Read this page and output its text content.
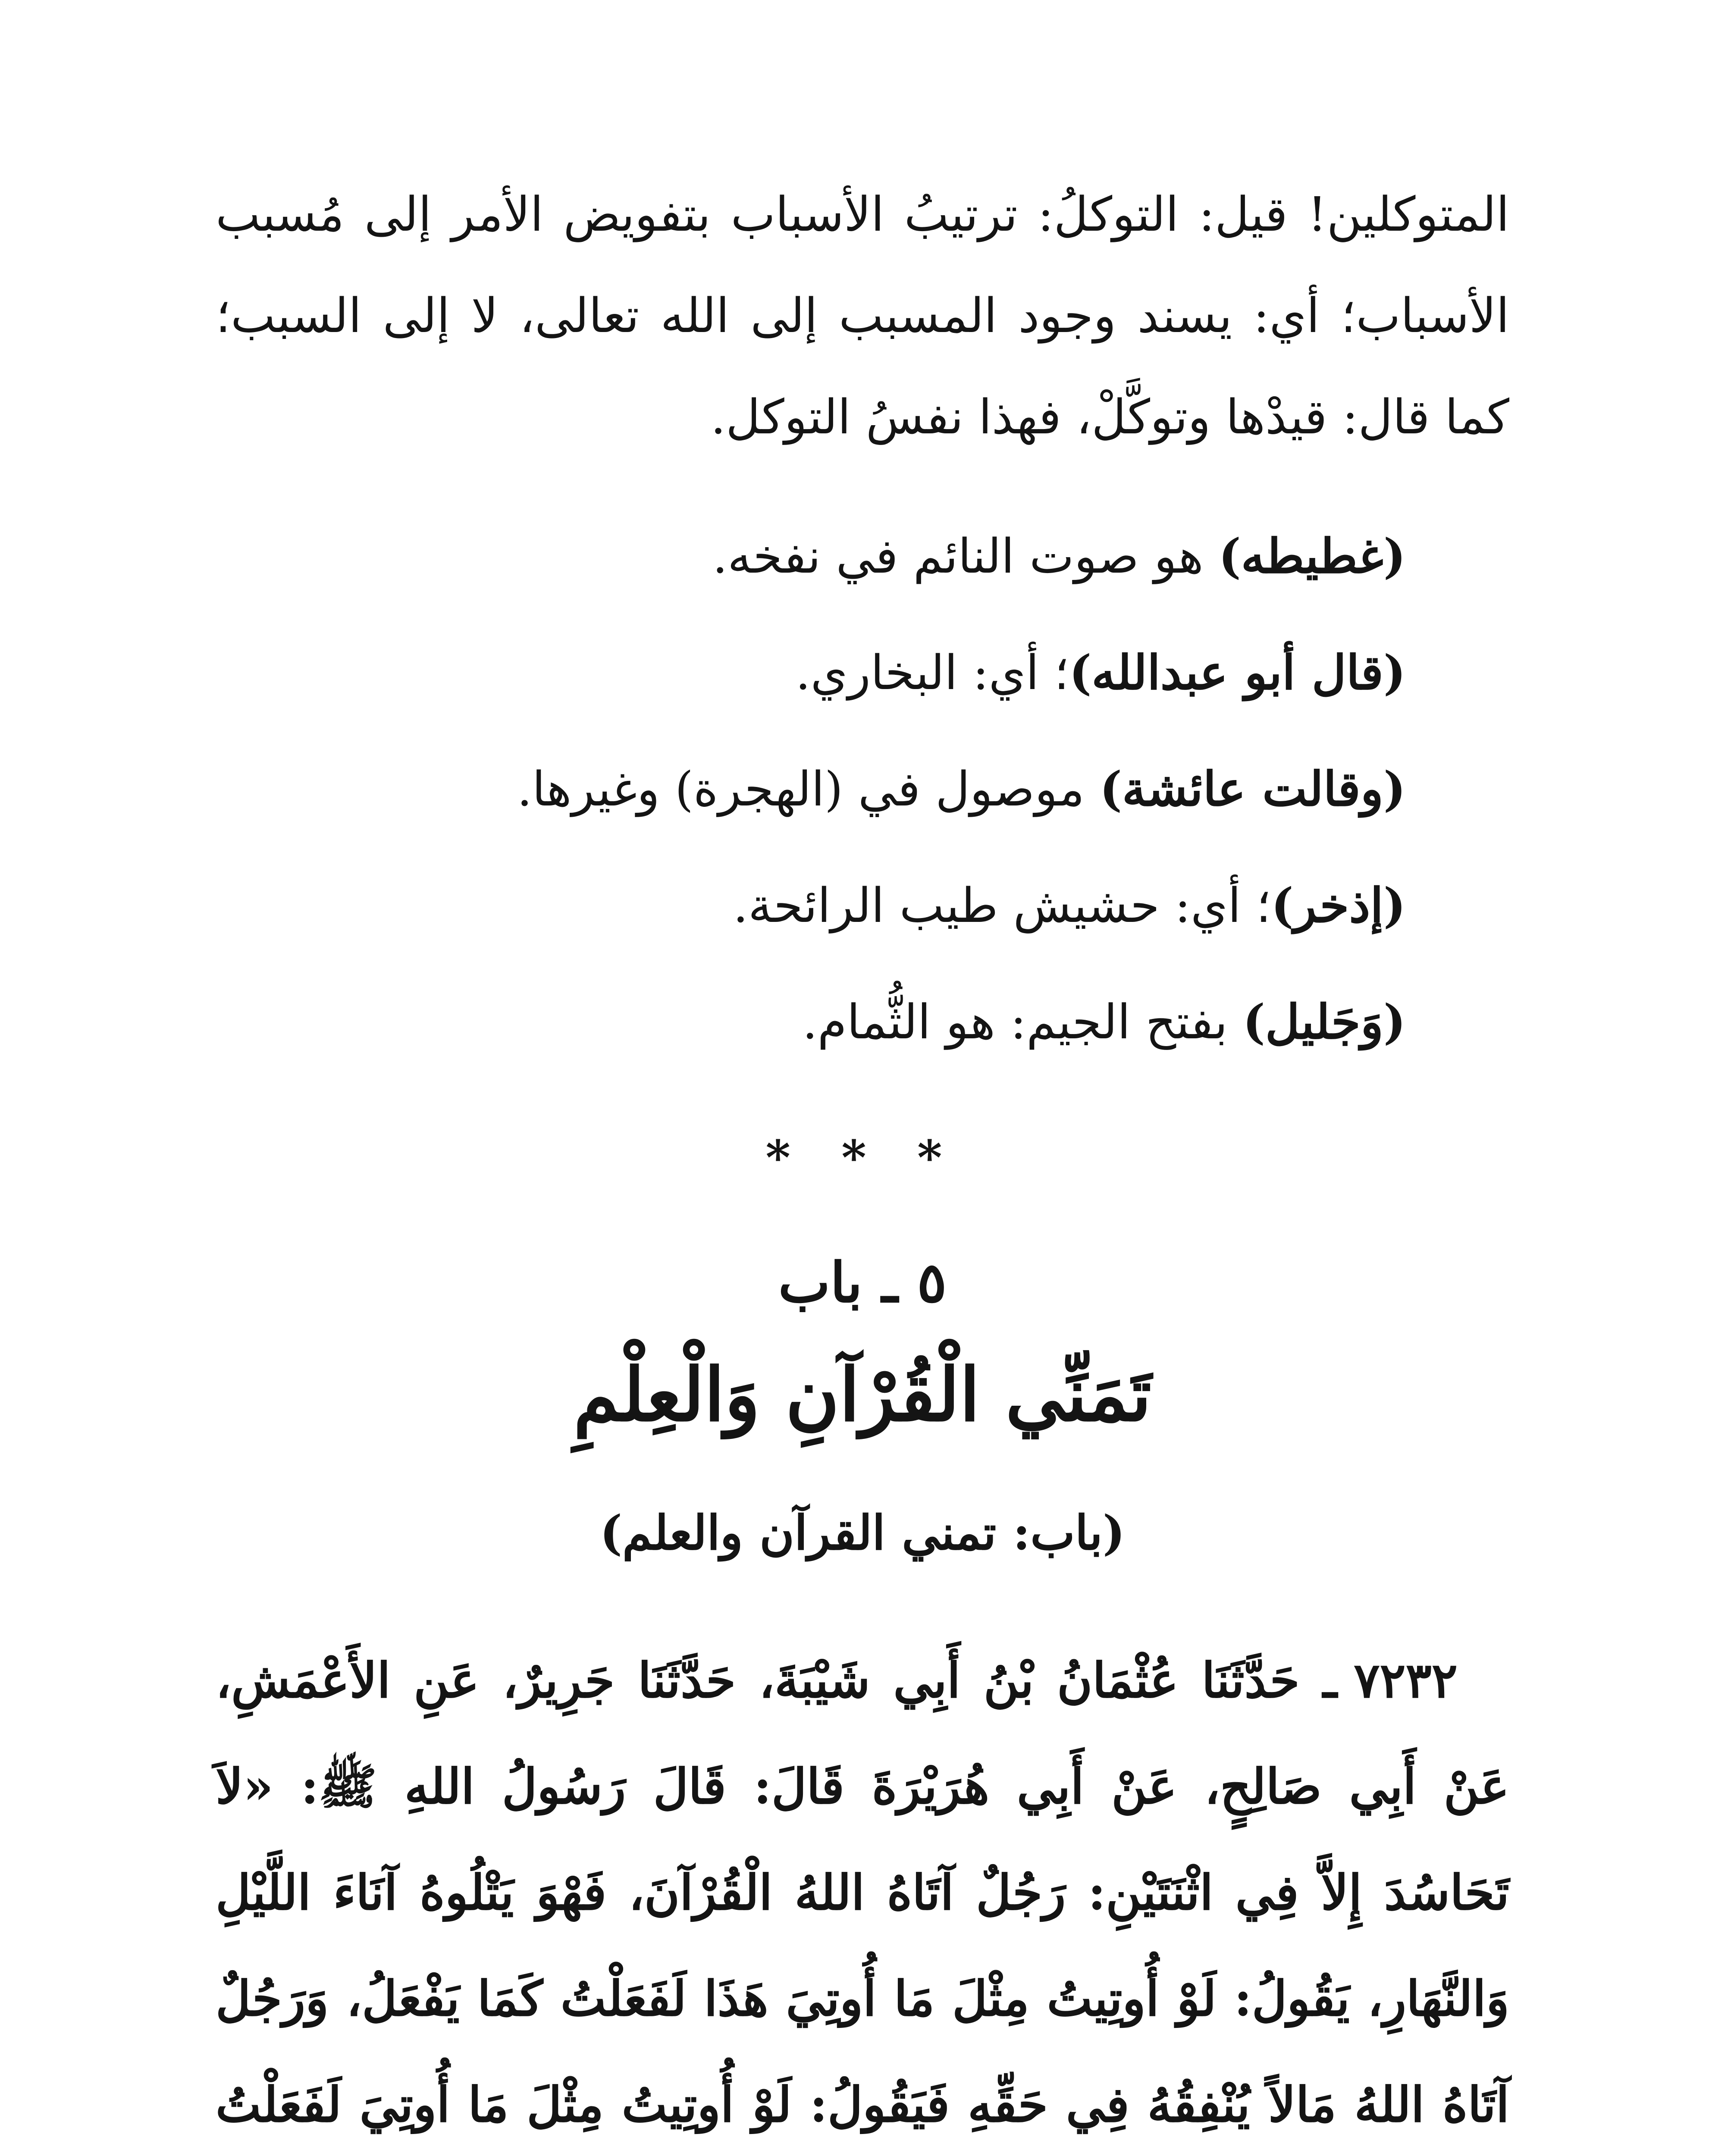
المتوكلين! قيل: التوكلُ: ترتيبُ الأسباب بتفويض الأمر إلى مُسبب الأسباب؛ أي: يسند وجود المسبب إلى الله تعالى، لا إلى السبب؛ كما قال: قيدْها وتوكَّلْ، فهذا نفسُ التوكل.

(غطيطه) هو صوت النائم في نفخه.

(قال أبو عبدالله)؛ أي: البخاري.

(وقالت عائشة) موصول في (الهجرة) وغيرها.

(إذخر)؛ أي: حشيش طيب الرائحة.

(وَجَليل) بفتح الجيم: هو الثُّمام.

* * *
٥ ـ باب
تَمَنِّي الْقُرْآنِ وَالْعِلْمِ
(باب: تمني القرآن والعلم)

٧٢٣٢ ـ حَدَّثَنَا عُثْمَانُ بْنُ أَبِي شَيْبَةَ، حَدَّثَنَا جَرِيرٌ، عَنِ الأَعْمَشِ، عَنْ أَبِي صَالِحٍ، عَنْ أَبِي هُرَيْرَةَ قَالَ: قَالَ رَسُولُ اللهِ ﷺ: «لاَ تَحَاسُدَ إِلاَّ فِي اثْنَتَيْنِ: رَجُلٌ آتَاهُ اللهُ الْقُرْآنَ، فَهْوَ يَتْلُوهُ آنَاءَ اللَّيْلِ وَالنَّهَارِ، يَقُولُ: لَوْ أُوتِيتُ مِثْلَ مَا أُوتِيَ هَذَا لَفَعَلْتُ كَمَا يَفْعَلُ، وَرَجُلٌ آتَاهُ اللهُ مَالاً يُنْفِقُهُ فِي حَقِّهِ فَيَقُولُ: لَوْ أُوتِيتُ مِثْلَ مَا أُوتِيَ لَفَعَلْتُ
